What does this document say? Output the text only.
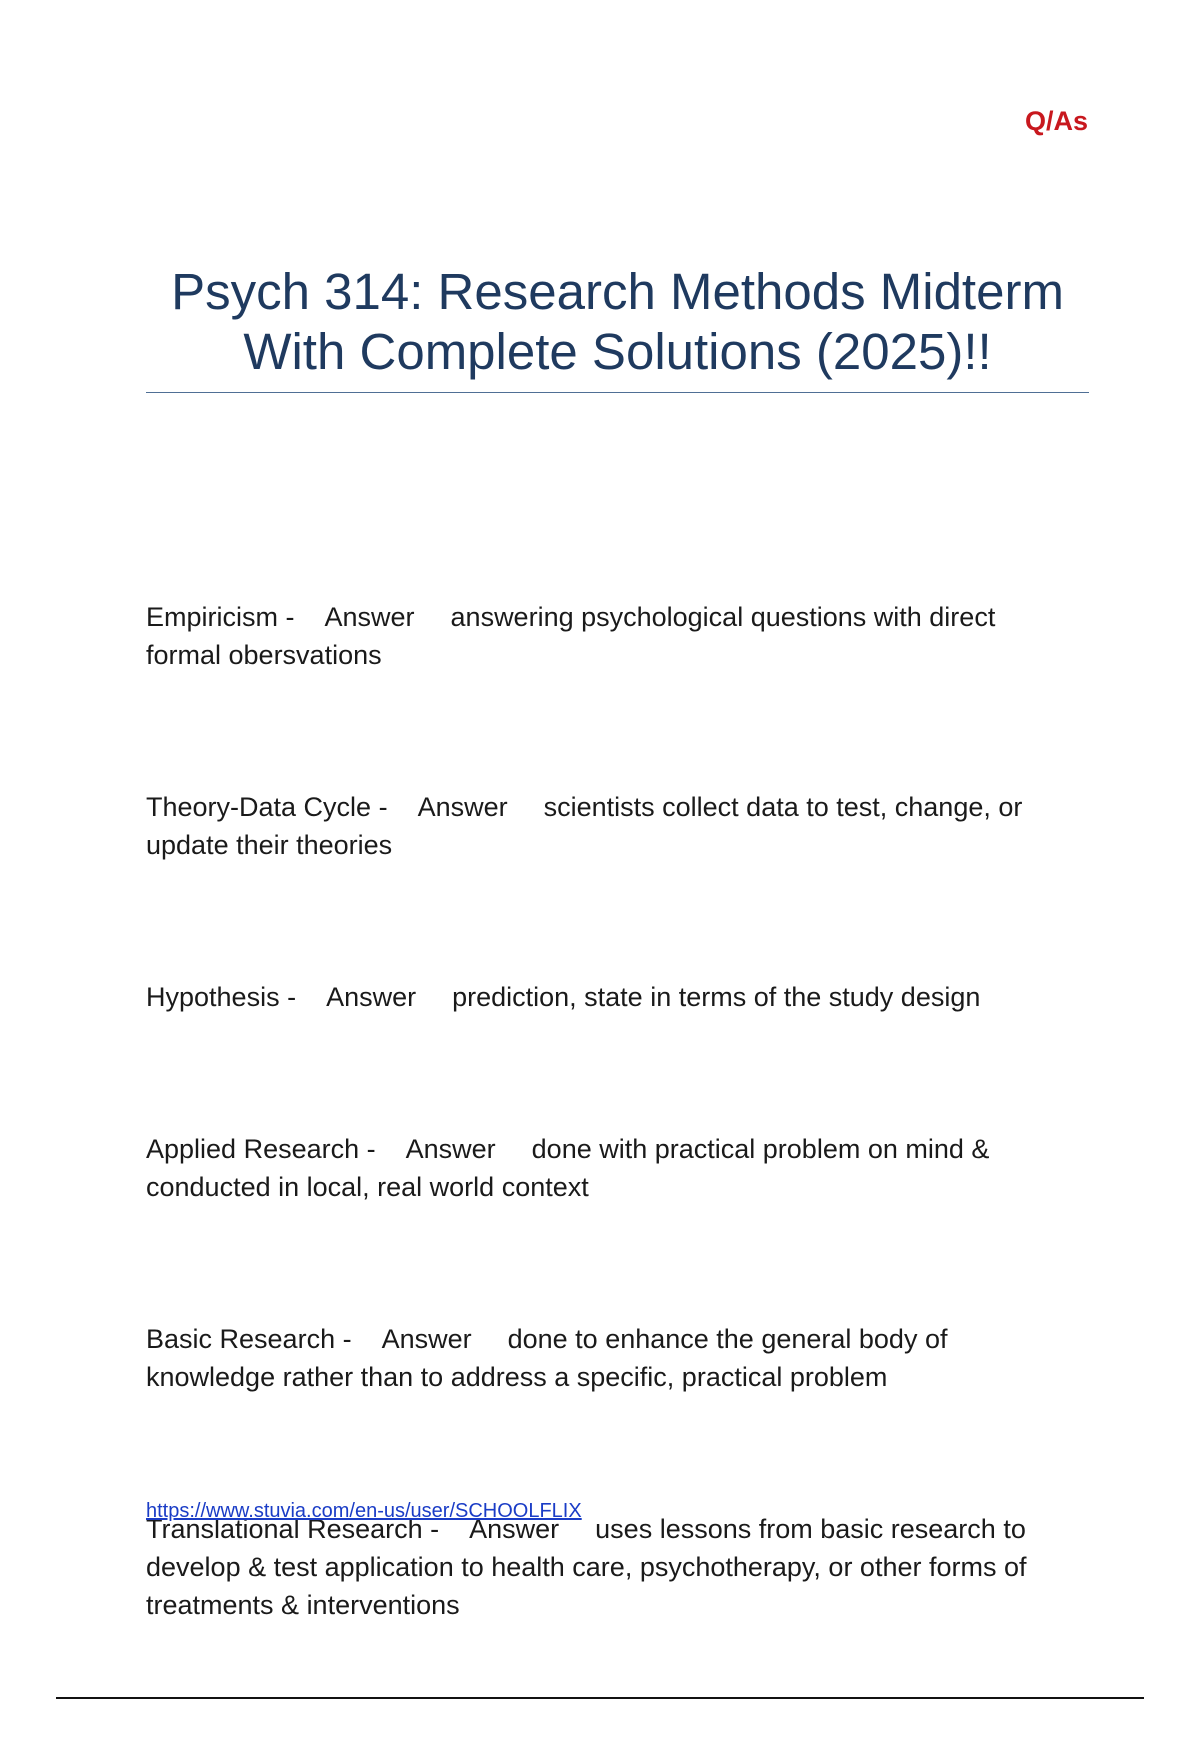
Q/As
Psych 314: Research Methods Midterm
With Complete Solutions (2025)!!
Empiricism - Answer answering psychological questions with direct
formal obersvations
Theory-Data Cycle - Answer scientists collect data to test, change, or
update their theories
Hypothesis - Answer prediction, state in terms of the study design
Applied Research - Answer done with practical problem on mind &
conducted in local, real world context
Basic Research - Answer done to enhance the general body of
knowledge rather than to address a specific, practical problem
Translational Research - Answer uses lessons from basic research to
develop & test application to health care, psychotherapy, or other forms of
treatments & interventions
https://www.stuvia.com/en-us/user/SCHOOLFLIX
